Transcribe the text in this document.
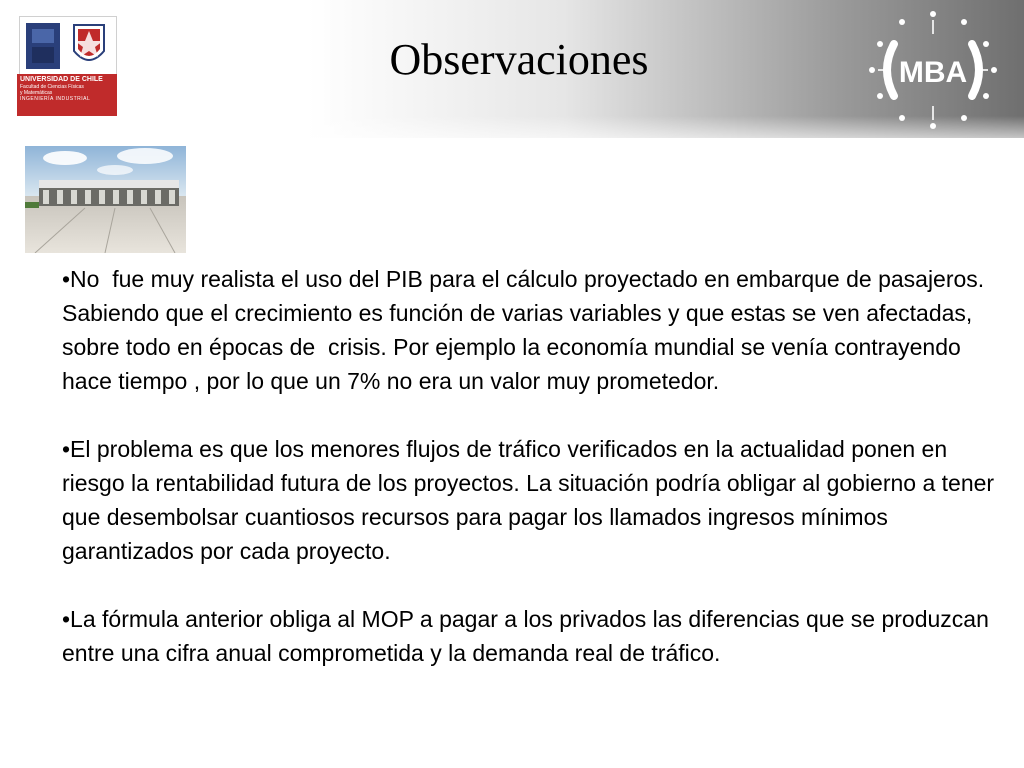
UNIVERSIDAD DE CHILE
Facultad de Ciencias Físicas
y Matemáticas
INGENIERÍA INDUSTRIAL
Observaciones	MBA

•No  fue muy realista el uso del PIB para el cálculo proyectado en embarque de pasajeros. Sabiendo que el crecimiento es función de varias variables y que estas se ven afectadas, sobre todo en épocas de  crisis. Por ejemplo la economía mundial se venía contrayendo hace tiempo , por lo que un 7% no era un valor muy prometedor.

•El problema es que los menores flujos de tráfico verificados en la actualidad ponen en riesgo la rentabilidad futura de los proyectos. La situación podría obligar al gobierno a tener que desembolsar cuantiosos recursos para pagar los llamados ingresos mínimos garantizados por cada proyecto.

•La fórmula anterior obliga al MOP a pagar a los privados las diferencias que se produzcan entre una cifra anual comprometida y la demanda real de tráfico.
